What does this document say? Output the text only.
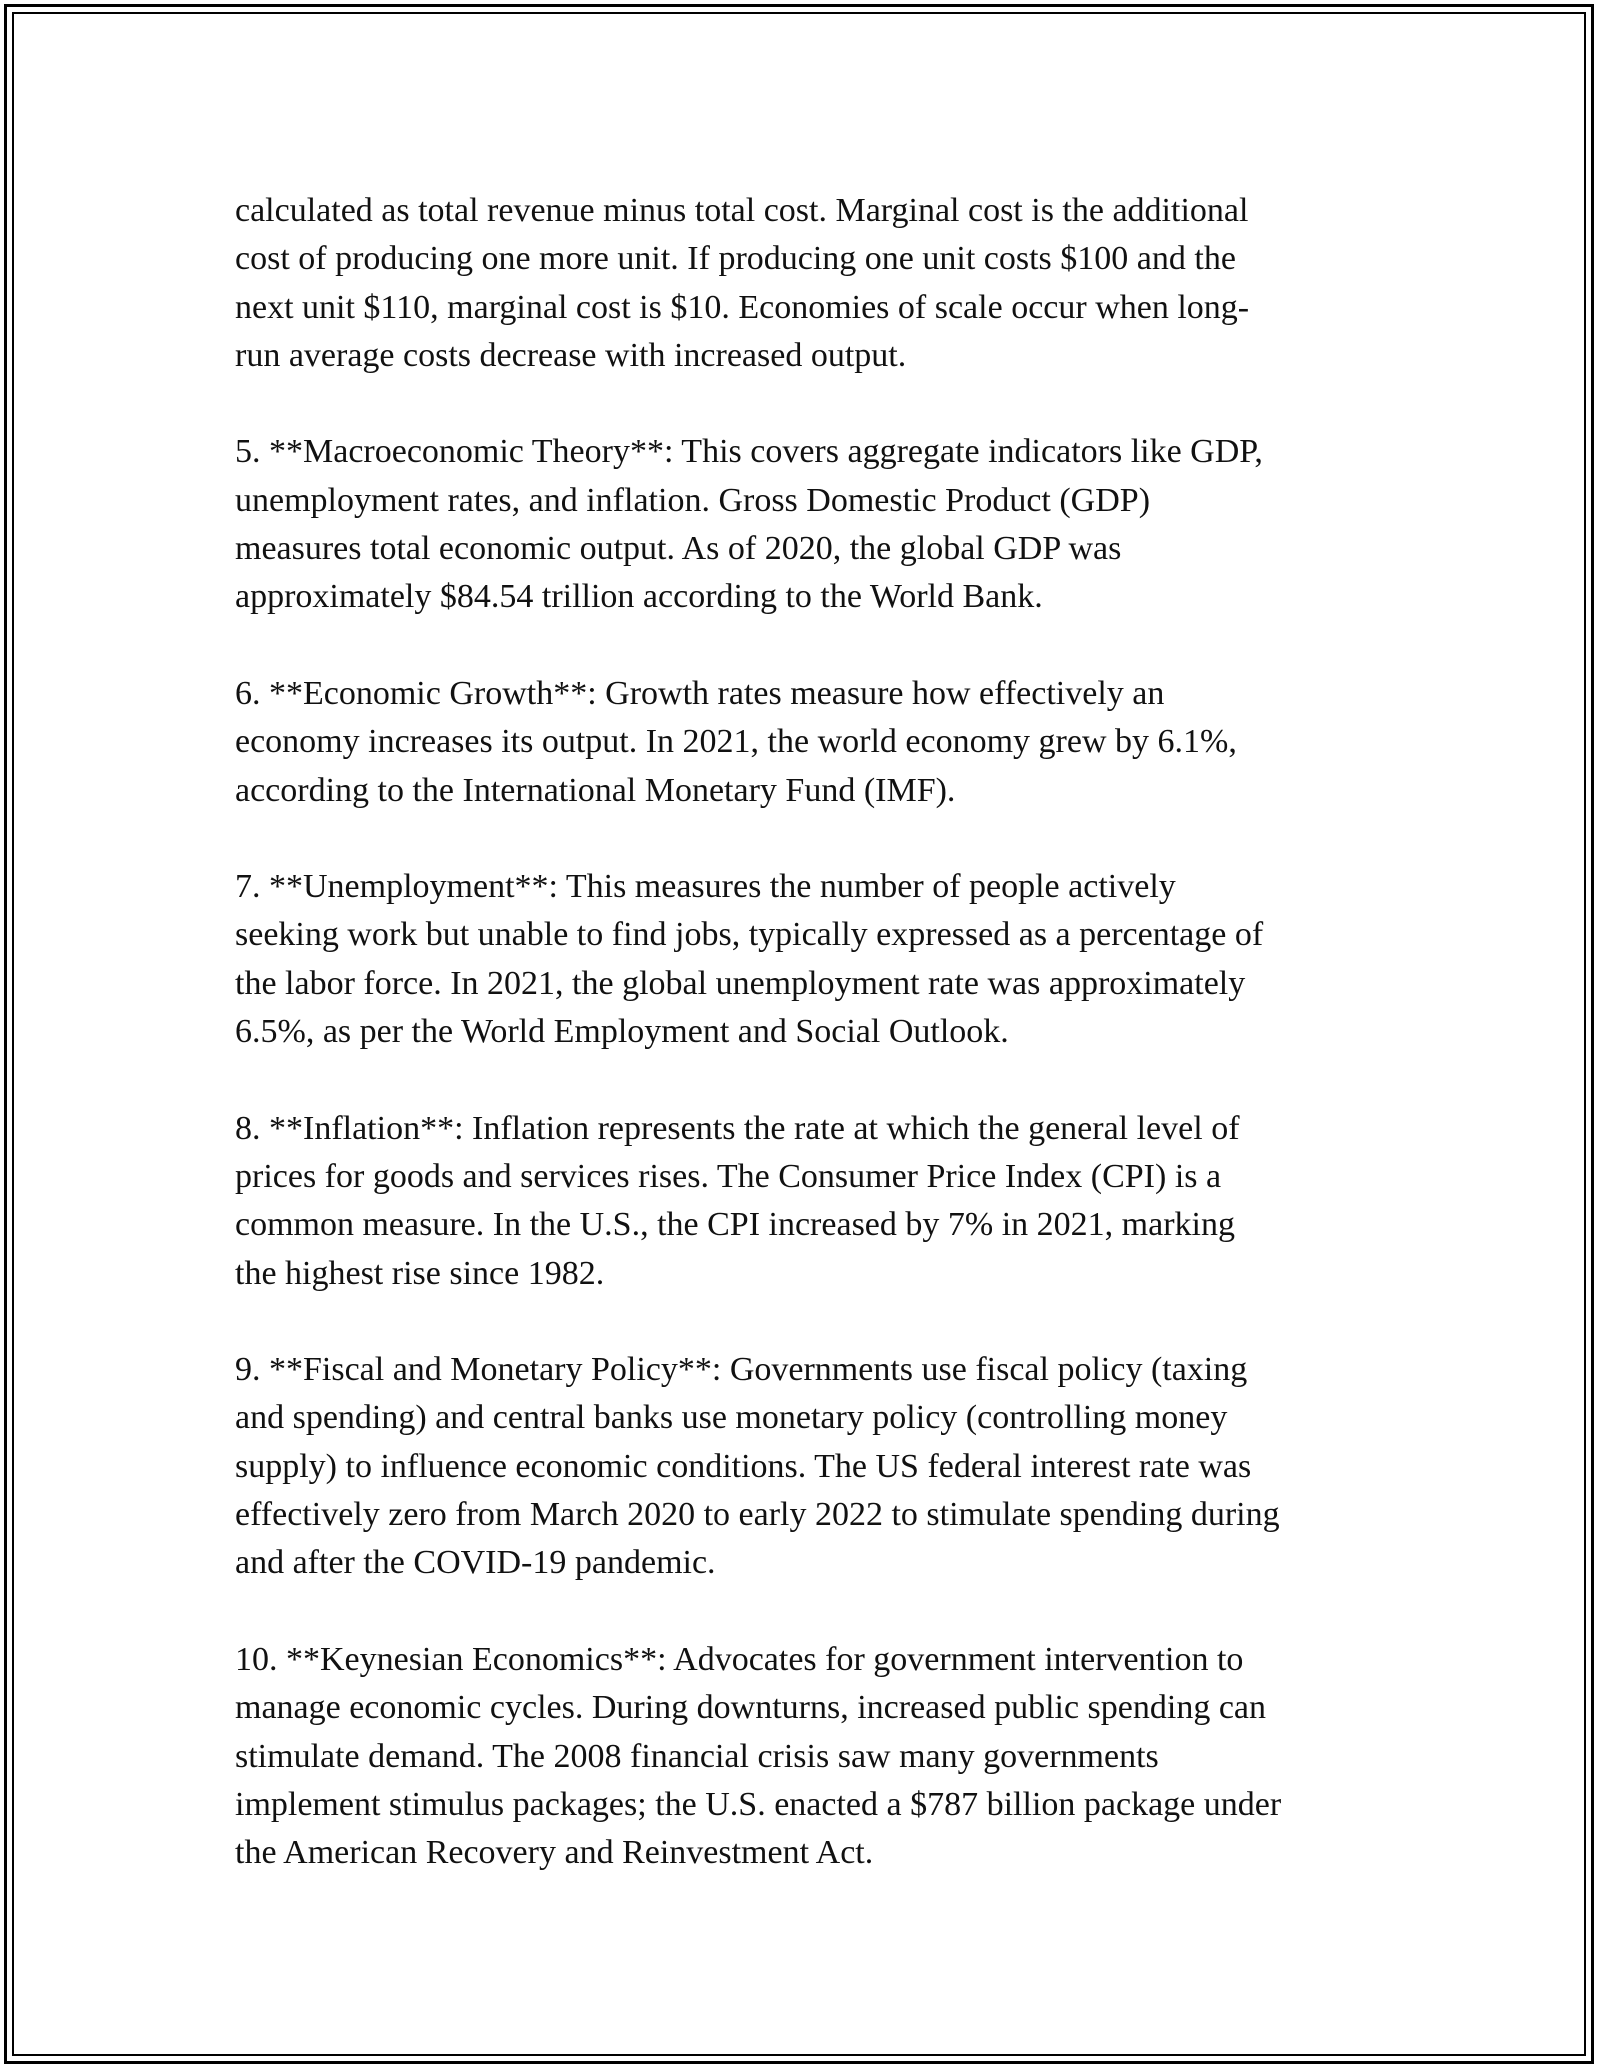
calculated as total revenue minus total cost. Marginal cost is the additional
cost of producing one more unit. If producing one unit costs $100 and the
next unit $110, marginal cost is $10. Economies of scale occur when long-
run average costs decrease with increased output.

5. **Macroeconomic Theory**: This covers aggregate indicators like GDP,
unemployment rates, and inflation. Gross Domestic Product (GDP)
measures total economic output. As of 2020, the global GDP was
approximately $84.54 trillion according to the World Bank.

6. **Economic Growth**: Growth rates measure how effectively an
economy increases its output. In 2021, the world economy grew by 6.1%,
according to the International Monetary Fund (IMF).

7. **Unemployment**: This measures the number of people actively
seeking work but unable to find jobs, typically expressed as a percentage of
the labor force. In 2021, the global unemployment rate was approximately
6.5%, as per the World Employment and Social Outlook.

8. **Inflation**: Inflation represents the rate at which the general level of
prices for goods and services rises. The Consumer Price Index (CPI) is a
common measure. In the U.S., the CPI increased by 7% in 2021, marking
the highest rise since 1982.

9. **Fiscal and Monetary Policy**: Governments use fiscal policy (taxing
and spending) and central banks use monetary policy (controlling money
supply) to influence economic conditions. The US federal interest rate was
effectively zero from March 2020 to early 2022 to stimulate spending during
and after the COVID-19 pandemic.

10. **Keynesian Economics**: Advocates for government intervention to
manage economic cycles. During downturns, increased public spending can
stimulate demand. The 2008 financial crisis saw many governments
implement stimulus packages; the U.S. enacted a $787 billion package under
the American Recovery and Reinvestment Act.
